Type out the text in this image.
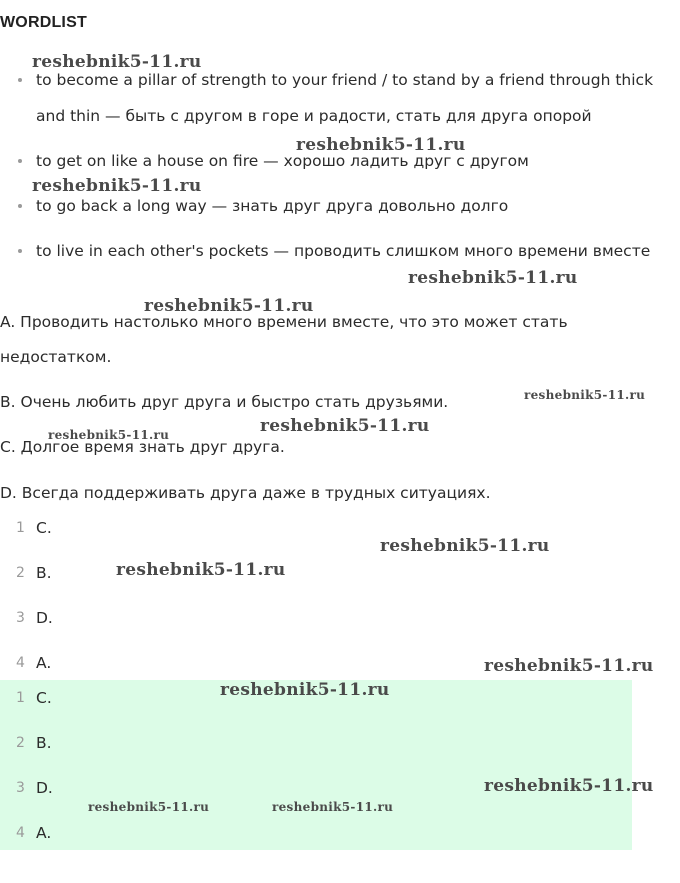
WORDLIST
to become a pillar of strength to your friend / to stand by a friend through thick and thin — быть с другом в горе и радости, стать для друга опорой
to get on like a house on fire — хорошо ладить друг с другом
to go back a long way — знать друг друга довольно долго
to live in each other's pockets — проводить слишком много времени вместе
A. Проводить настолько много времени вместе, что это может стать недостатком.
B. Очень любить друг друга и быстро стать друзьями.
C. Долгое время знать друг друга.
D. Всегда поддерживать друга даже в трудных ситуациях.
1 C.
2 B.
3 D.
4 A.
1 C.
2 B.
3 D.
4 A.
reshebnik5-11.ru
reshebnik5-11.ru
reshebnik5-11.ru
reshebnik5-11.ru
reshebnik5-11.ru
reshebnik5-11.ru
reshebnik5-11.ru
reshebnik5-11.ru
reshebnik5-11.ru
reshebnik5-11.ru
reshebnik5-11.ru
reshebnik5-11.ru
reshebnik5-11.ru
reshebnik5-11.ru	reshebnik5-11.ru
